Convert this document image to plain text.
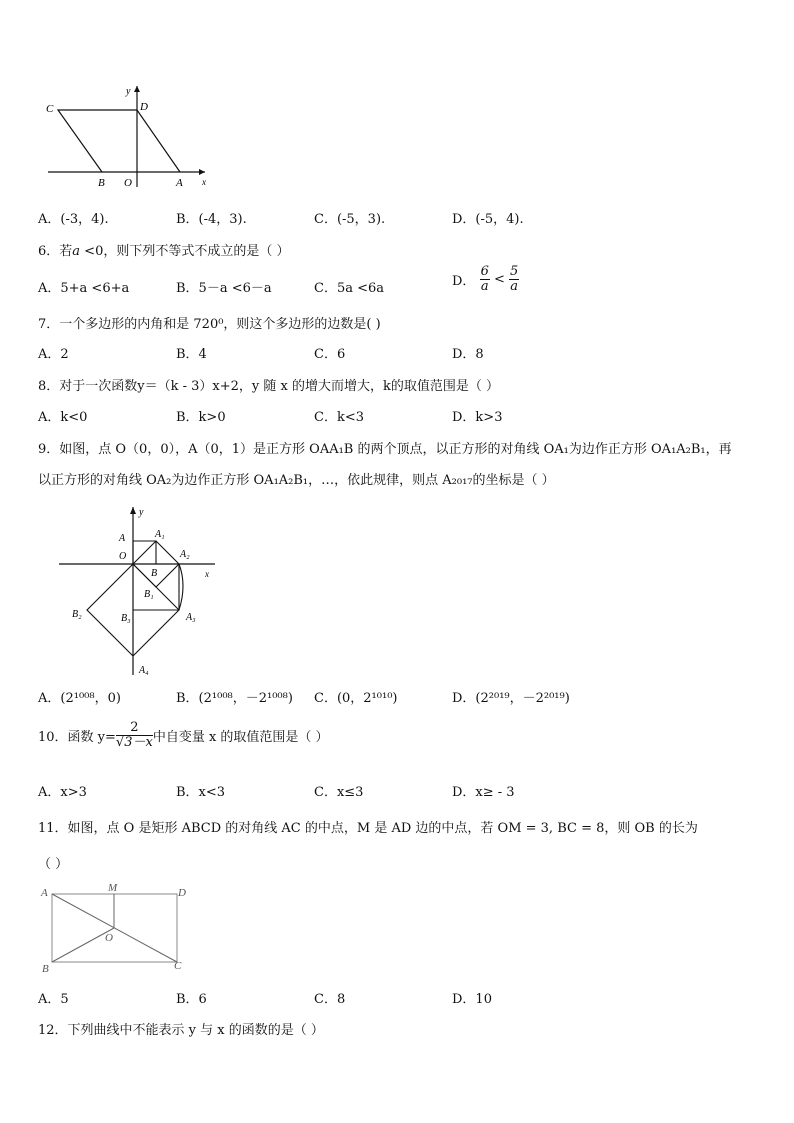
C	D
B O	A x
y
A．(-3，4).	B．(-4，3).	C．(-5，3).	D．(-5，4).
6．若a <0，则下列不等式不成立的是（ ）
A．5+a <6+a	B．5－a <6－a	C．5a <6a	D． $\frac{6}{a} < \frac{5}{a}$
7．一个多边形的内角和是 720⁰，则这个多边形的边数是( )
A．2	B．4	C．6	D．8
8．对于一次函数y＝（k - 3）x+2，y 随 x 的增大而增大，k的取值范围是（ ）
A．k<0	B．k>0	C．k<3	D．k>3
9．如图，点 O（0，0），A（0，1）是正方形 OAA₁B 的两个顶点，以正方形的对角线 OA₁为边作正方形 OA₁A₂B₁，再
以正方形的对角线 OA₂为边作正方形 OA₁A₂B₁，…，依此规律，则点 A₂₀₁₇的坐标是（ ）
y
A	A₁
O	A₂
B
B₁
B₂	B₃	A₃
A₄
x
A．(2¹⁰⁰⁸，0)	B．(2¹⁰⁰⁸，－2¹⁰⁰⁸) C．(0，2¹⁰¹⁰)	D．(2²⁰¹⁹，－2²⁰¹⁹)
10．函数 $y= \frac{2}{√3-x}$ 中自变量 x 的取值范围是（ ）
A．x>3	B．x<3	C．x≤3	D．x≥ - 3
11．如图，点 O 是矩形 ABCD 的对角线 AC 的中点，M 是 AD 边的中点，若 OM = 3, BC = 8，则 OB 的长为
（ ）
A	M	D
O
B	C
A．5	B．6	C．8	D．10
12．下列曲线中不能表示 y 与 x 的函数的是（ ）
